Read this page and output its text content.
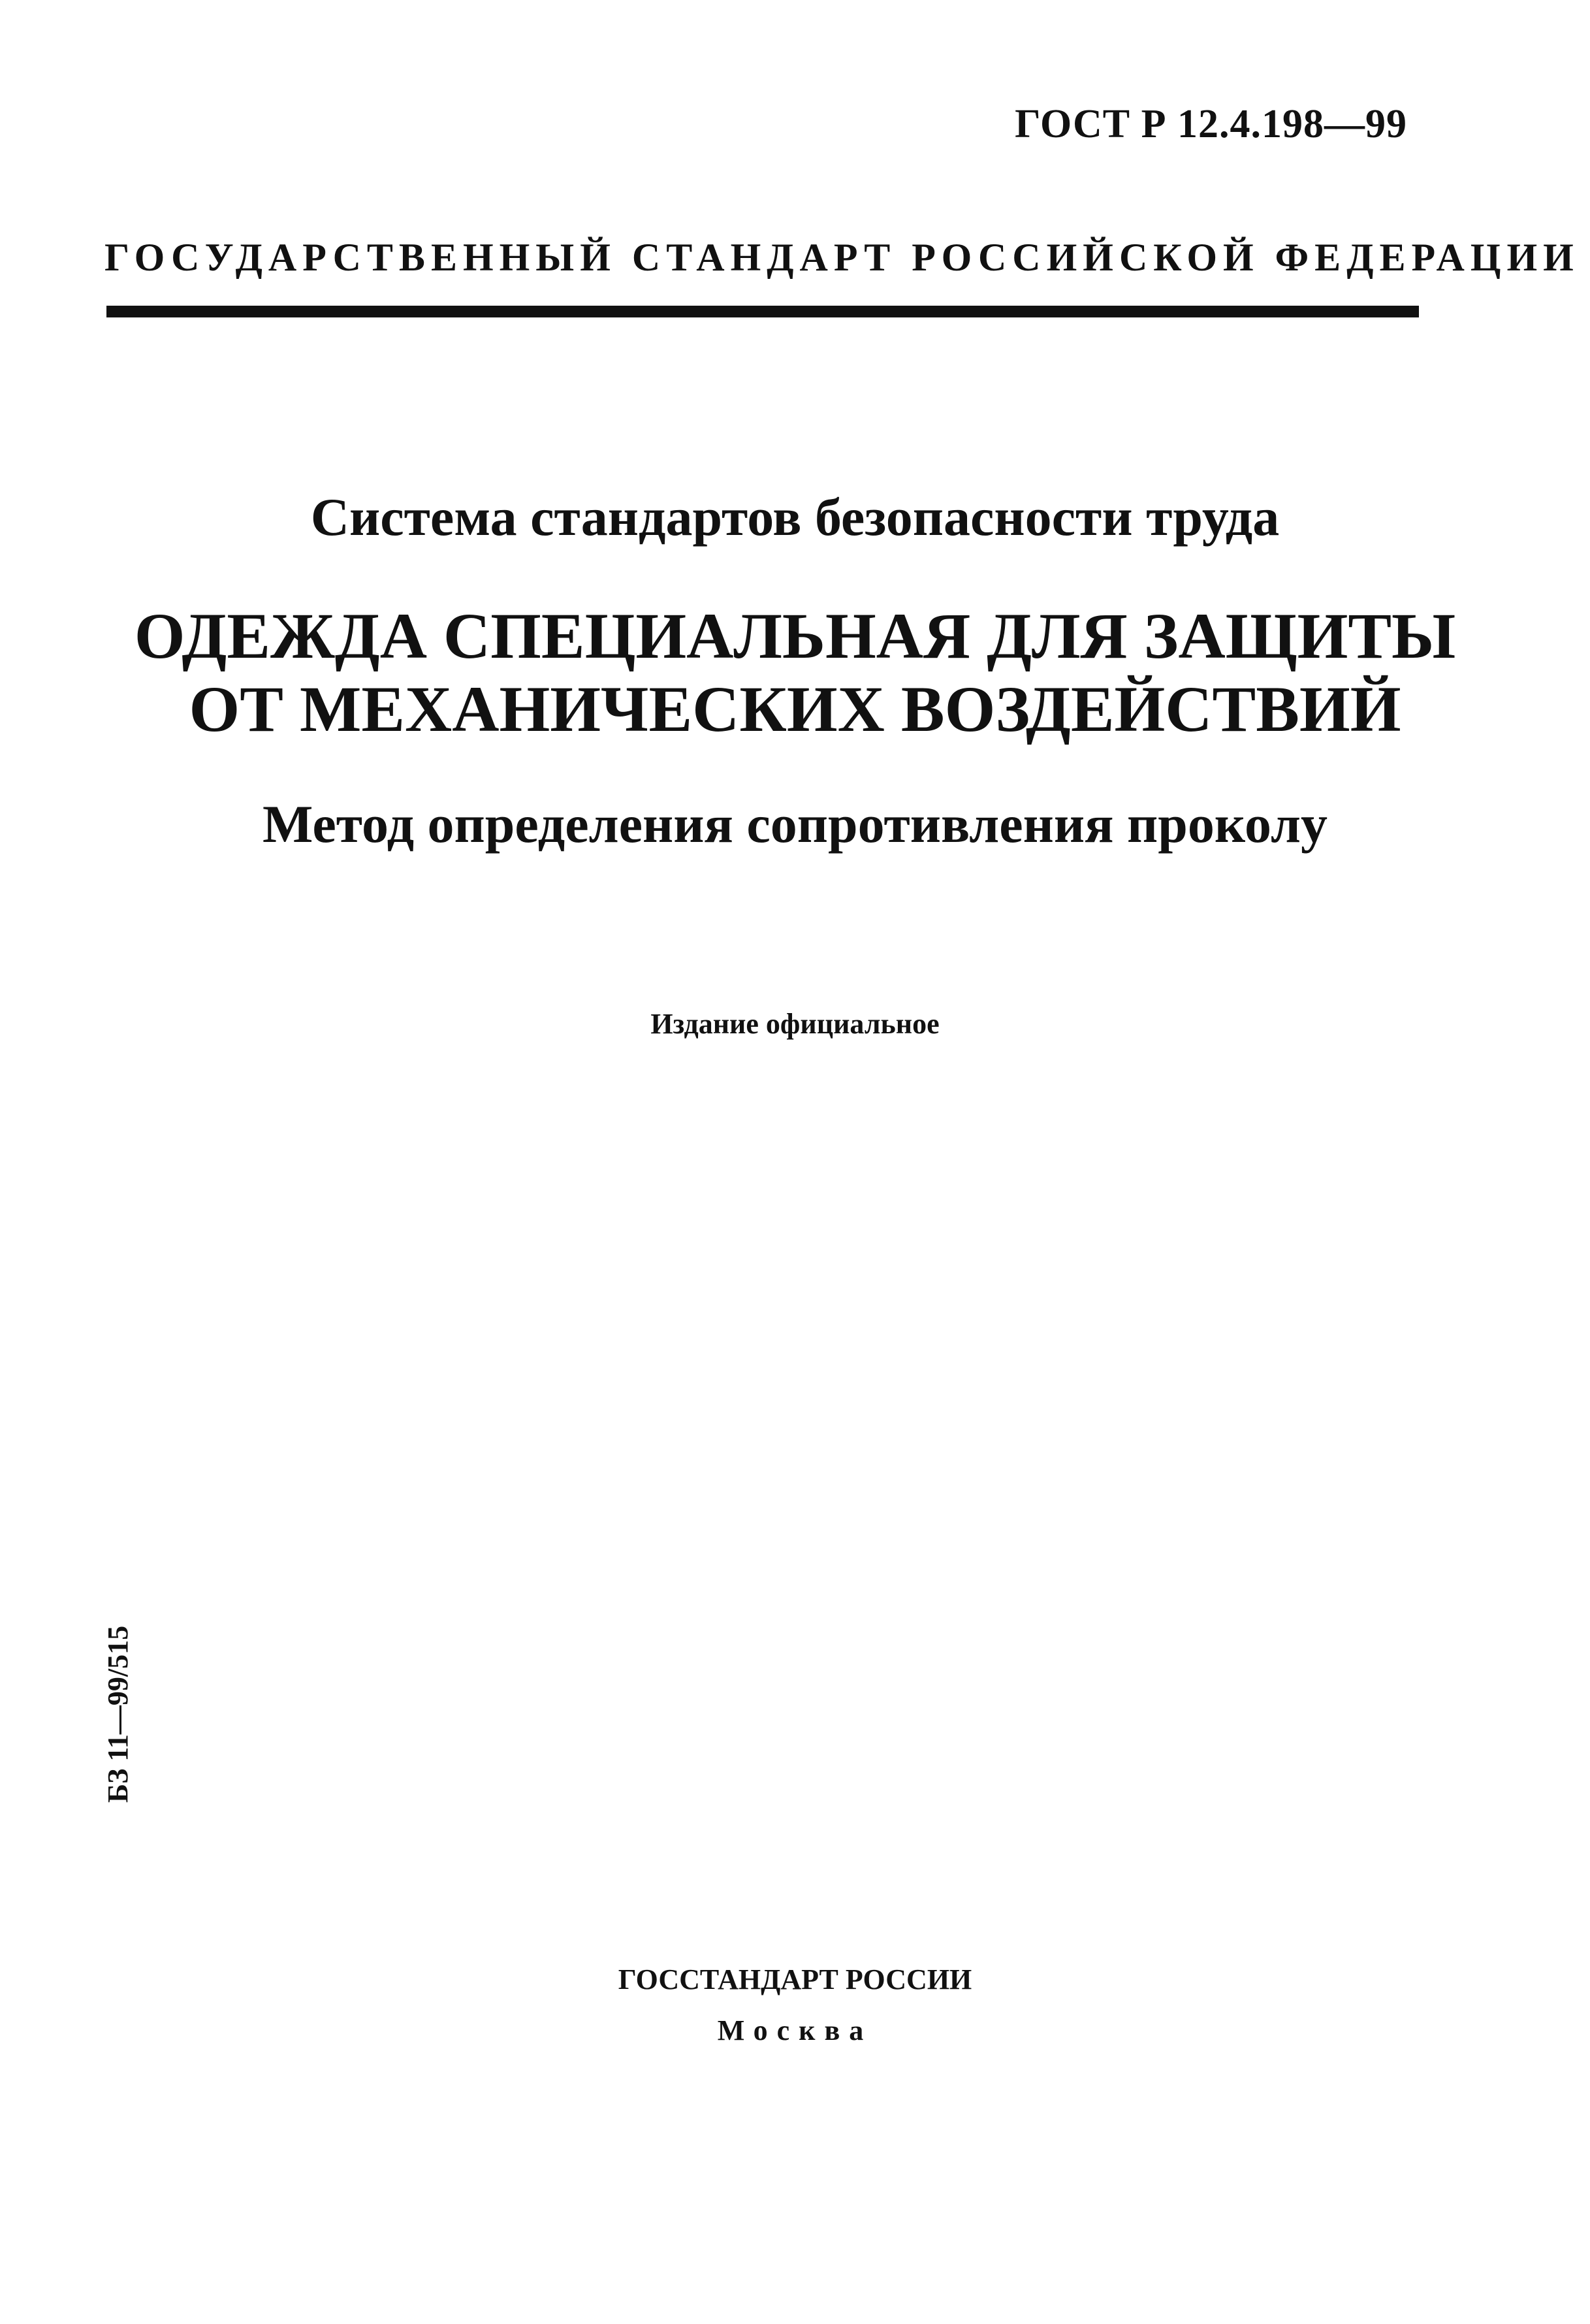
ГОСТ Р 12.4.198—99
ГОСУДАРСТВЕННЫЙ СТАНДАРТ РОССИЙСКОЙ ФЕДЕРАЦИИ
Система стандартов безопасности труда
ОДЕЖДА СПЕЦИАЛЬНАЯ ДЛЯ ЗАЩИТЫ
ОТ МЕХАНИЧЕСКИХ ВОЗДЕЙСТВИЙ
Метод определения сопротивления проколу
Издание официальное
БЗ 11—99/515
ГОССТАНДАРТ РОССИИ
Москва
